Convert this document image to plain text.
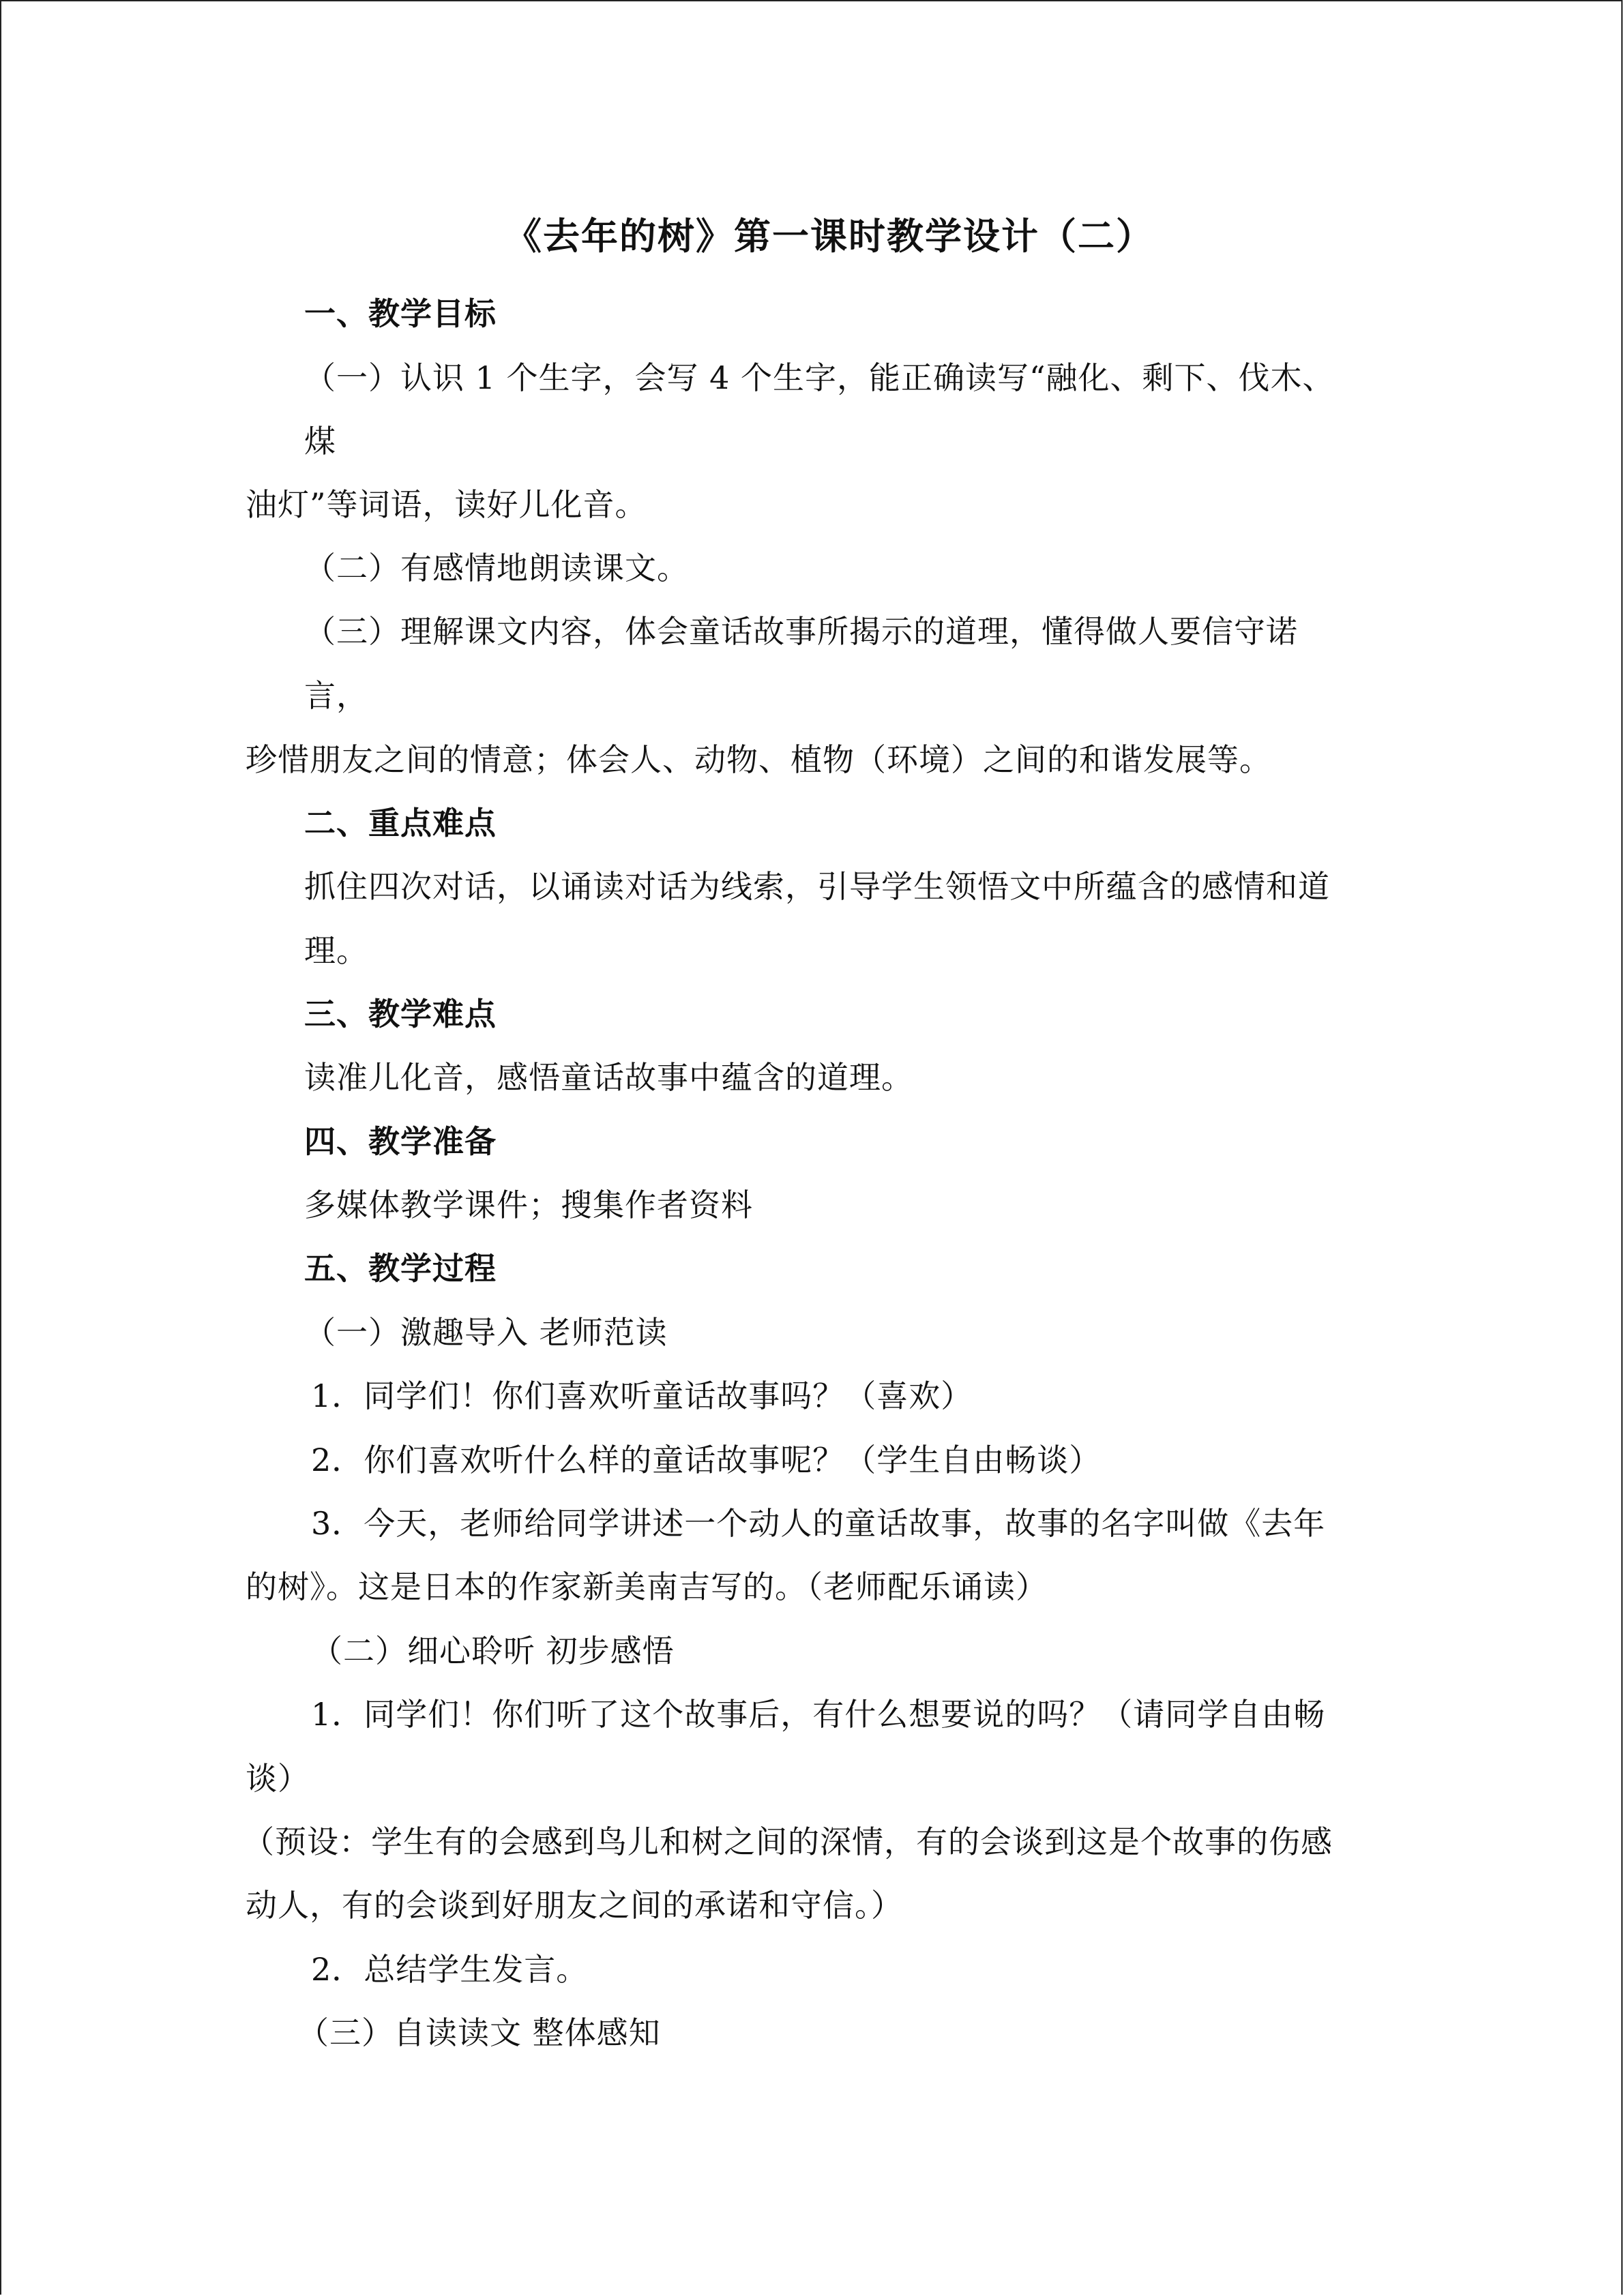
《去年的树》第一课时教学设计（二）
一、教学目标
（一）认识 1 个生字，会写 4 个生字，能正确读写“融化、剩下、伐木、
煤
油灯”等词语，读好儿化音。
（二）有感情地朗读课文。
（三）理解课文内容，体会童话故事所揭示的道理，懂得做人要信守诺
言，
珍惜朋友之间的情意；体会人、动物、植物（环境）之间的和谐发展等。
二、重点难点
抓住四次对话，以诵读对话为线索，引导学生领悟文中所蕴含的感情和道
理。
三、教学难点
读准儿化音，感悟童话故事中蕴含的道理。
四、教学准备
多媒体教学课件；搜集作者资料
五、教学过程
（一）激趣导入 老师范读
1．同学们！你们喜欢听童话故事吗？（喜欢）
2．你们喜欢听什么样的童话故事呢？（学生自由畅谈）
3．今天，老师给同学讲述一个动人的童话故事，故事的名字叫做《去年
的树》。这是日本的作家新美南吉写的。（老师配乐诵读）
（二）细心聆听 初步感悟
1．同学们！你们听了这个故事后，有什么想要说的吗？（请同学自由畅
谈）
（预设：学生有的会感到鸟儿和树之间的深情，有的会谈到这是个故事的伤感
动人，有的会谈到好朋友之间的承诺和守信。）
2．总结学生发言。
（三）自读读文 整体感知
